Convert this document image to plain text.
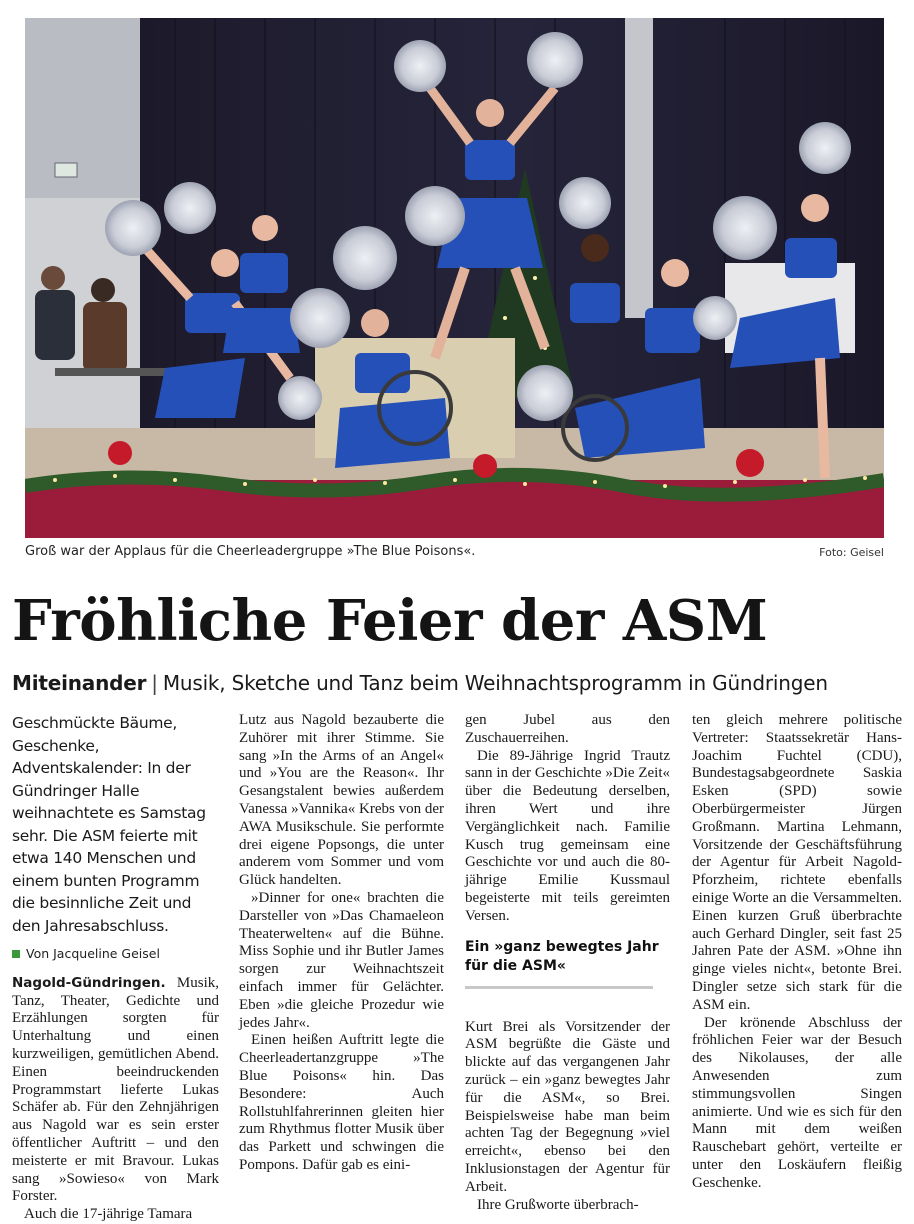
Groß war der Applaus für die Cheerleadergruppe »The Blue Poisons«.	Foto: Geisel
Fröhliche Feier der ASM
Miteinander | Musik, Sketche und Tanz beim Weihnachtsprogramm in Gündringen

Geschmückte Bäume, Geschenke, Adventskalender: In der Gündringer Halle weihnachtete es Samstag sehr. Die ASM feierte mit etwa 140 Menschen und einem bunten Programm die besinnliche Zeit und den Jahresabschluss.

Von Jacqueline Geisel

Nagold-Gündringen. Musik, Tanz, Theater, Gedichte und Erzählungen sorgten für Unterhaltung und einen kurzweiligen, gemütlichen Abend. Einen beeindruckenden Programmstart lieferte Lukas Schäfer ab. Für den Zehnjährigen aus Nagold war es sein erster öffentlicher Auftritt – und den meisterte er mit Bravour. Lukas sang »Sowieso« von Mark Forster.

Auch die 17-jährige Tamara

Lutz aus Nagold bezauberte die Zuhörer mit ihrer Stimme. Sie sang »In the Arms of an Angel« und »You are the Reason«. Ihr Gesangstalent bewies außerdem Vanessa »Vannika« Krebs von der AWA Musikschule. Sie performte drei eigene Popsongs, die unter anderem vom Sommer und vom Glück handelten.

»Dinner for one« brachten die Darsteller von »Das Chamaeleon Theaterwelten« auf die Bühne. Miss Sophie und ihr Butler James sorgen zur Weihnachtszeit einfach immer für Gelächter. Eben »die gleiche Prozedur wie jedes Jahr«.

Einen heißen Auftritt legte die Cheerleadertanzgruppe »The Blue Poisons« hin. Das Besondere: Auch Rollstuhlfahrerinnen gleiten hier zum Rhythmus flotter Musik über das Parkett und schwingen die Pompons. Dafür gab es eini-

gen Jubel aus den Zuschauerreihen.

Die 89-Jährige Ingrid Trautz sann in der Geschichte »Die Zeit« über die Bedeutung derselben, ihren Wert und ihre Vergänglichkeit nach. Familie Kusch trug gemeinsam eine Geschichte vor und auch die 80-jährige Emilie Kussmaul begeisterte mit teils gereimten Versen.

Ein »ganz bewegtes Jahr für die ASM«

Kurt Brei als Vorsitzender der ASM begrüßte die Gäste und blickte auf das vergangenen Jahr zurück – ein »ganz bewegtes Jahr für die ASM«, so Brei. Beispielsweise habe man beim achten Tag der Begegnung »viel erreicht«, ebenso bei den Inklusionstagen der Agentur für Arbeit.

Ihre Grußworte überbrach-

ten gleich mehrere politische Vertreter: Staatssekretär Hans-Joachim Fuchtel (CDU), Bundestagsabgeordnete Saskia Esken (SPD) sowie Oberbürgermeister Jürgen Großmann. Martina Lehmann, Vorsitzende der Geschäftsführung der Agentur für Arbeit Nagold-Pforzheim, richtete ebenfalls einige Worte an die Versammelten. Einen kurzen Gruß überbrachte auch Gerhard Dingler, seit fast 25 Jahren Pate der ASM. »Ohne ihn ginge vieles nicht«, betonte Brei. Dingler setze sich stark für die ASM ein.

Der krönende Abschluss der fröhlichen Feier war der Besuch des Nikolauses, der alle Anwesenden zum stimmungsvollen Singen animierte. Und wie es sich für den Mann mit dem weißen Rauschebart gehört, verteilte er unter den Loskäufern fleißig Geschenke.
